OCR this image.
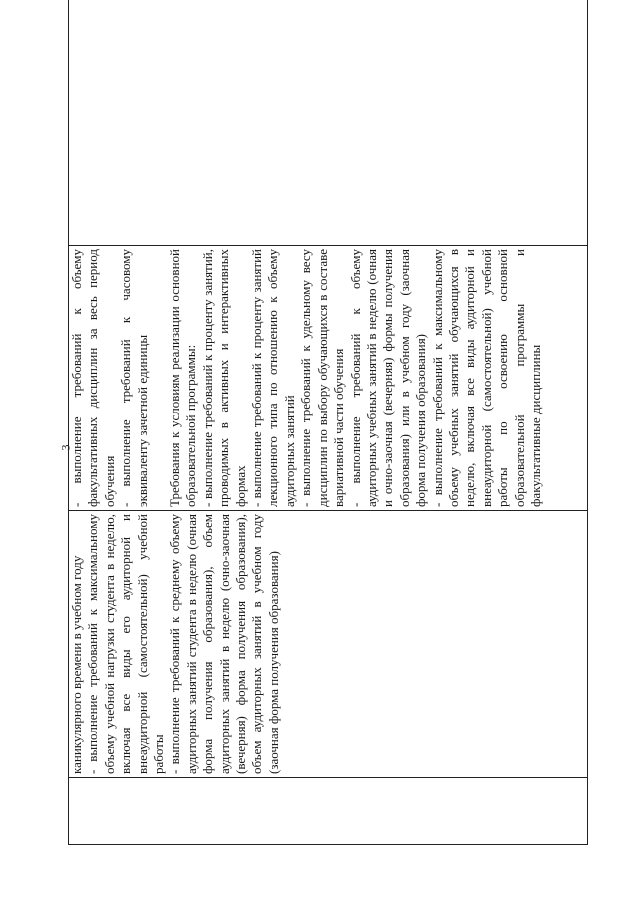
3

каникулярного времени в учебном году - выполнение требований к максимальному объему учебной нагрузки студента в неделю, включая все виды его аудиторной и внеаудиторной (самостоятельной) учебной работы - выполнение требований к среднему объему аудиторных занятий студента в неделю (очная форма получения образования), объем аудиторных занятий в неделю (очно-заочная (вечерняя) форма получения образования), объем аудиторных занятий в учебном году (заочная форма получения образования)

- выполнение требований к объему факультативных дисциплин за весь период обучения - выполнение требований к часовому эквиваленту зачетной единицы Требования к условиям реализации основной образовательной программы: - выполнение требований к проценту занятий, проводимых в активных и интерактивных формах - выполнение требований к проценту занятий лекционного типа по отношению к объему аудиторных занятий - выполнение требований к удельному весу дисциплин по выбору обучающихся в составе вариативной части обучения - выполнение требований к объему аудиторных учебных занятий в неделю (очная и очно-заочная (вечерняя) формы получения образования) или в учебном году (заочная форма получения образования) - выполнение требований к максимальному объему учебных занятий обучающихся в неделю, включая все виды аудиторной и внеаудиторной (самостоятельной) учебной работы по освоению основной образовательной программы и факультативные дисциплины
